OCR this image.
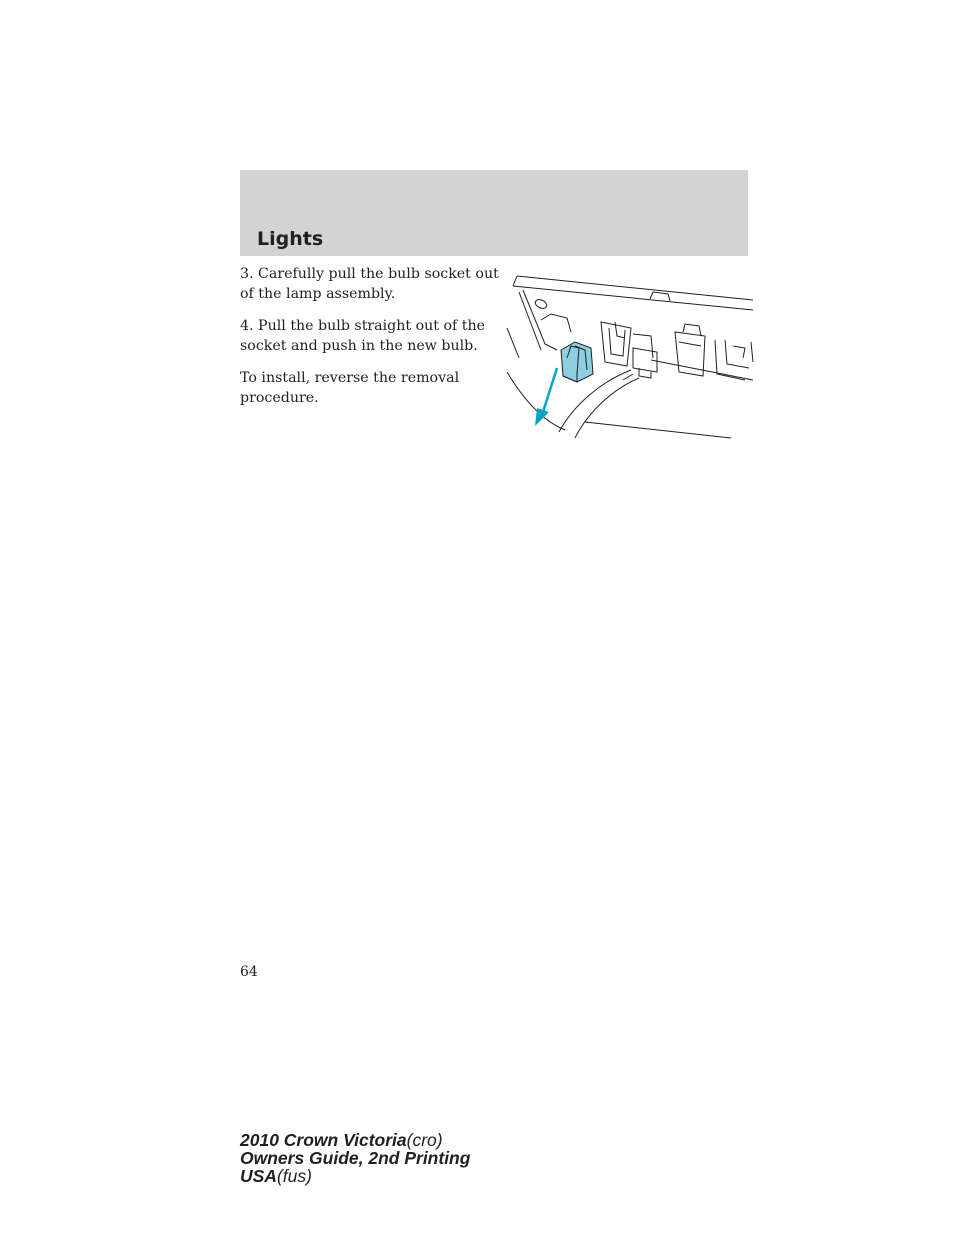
Lights

3. Carefully pull the bulb socket out of the lamp assembly.

4. Pull the bulb straight out of the socket and push in the new bulb.

To install, reverse the removal procedure.

64
2010 Crown Victoria(cro)
Owners Guide, 2nd Printing
USA(fus)
